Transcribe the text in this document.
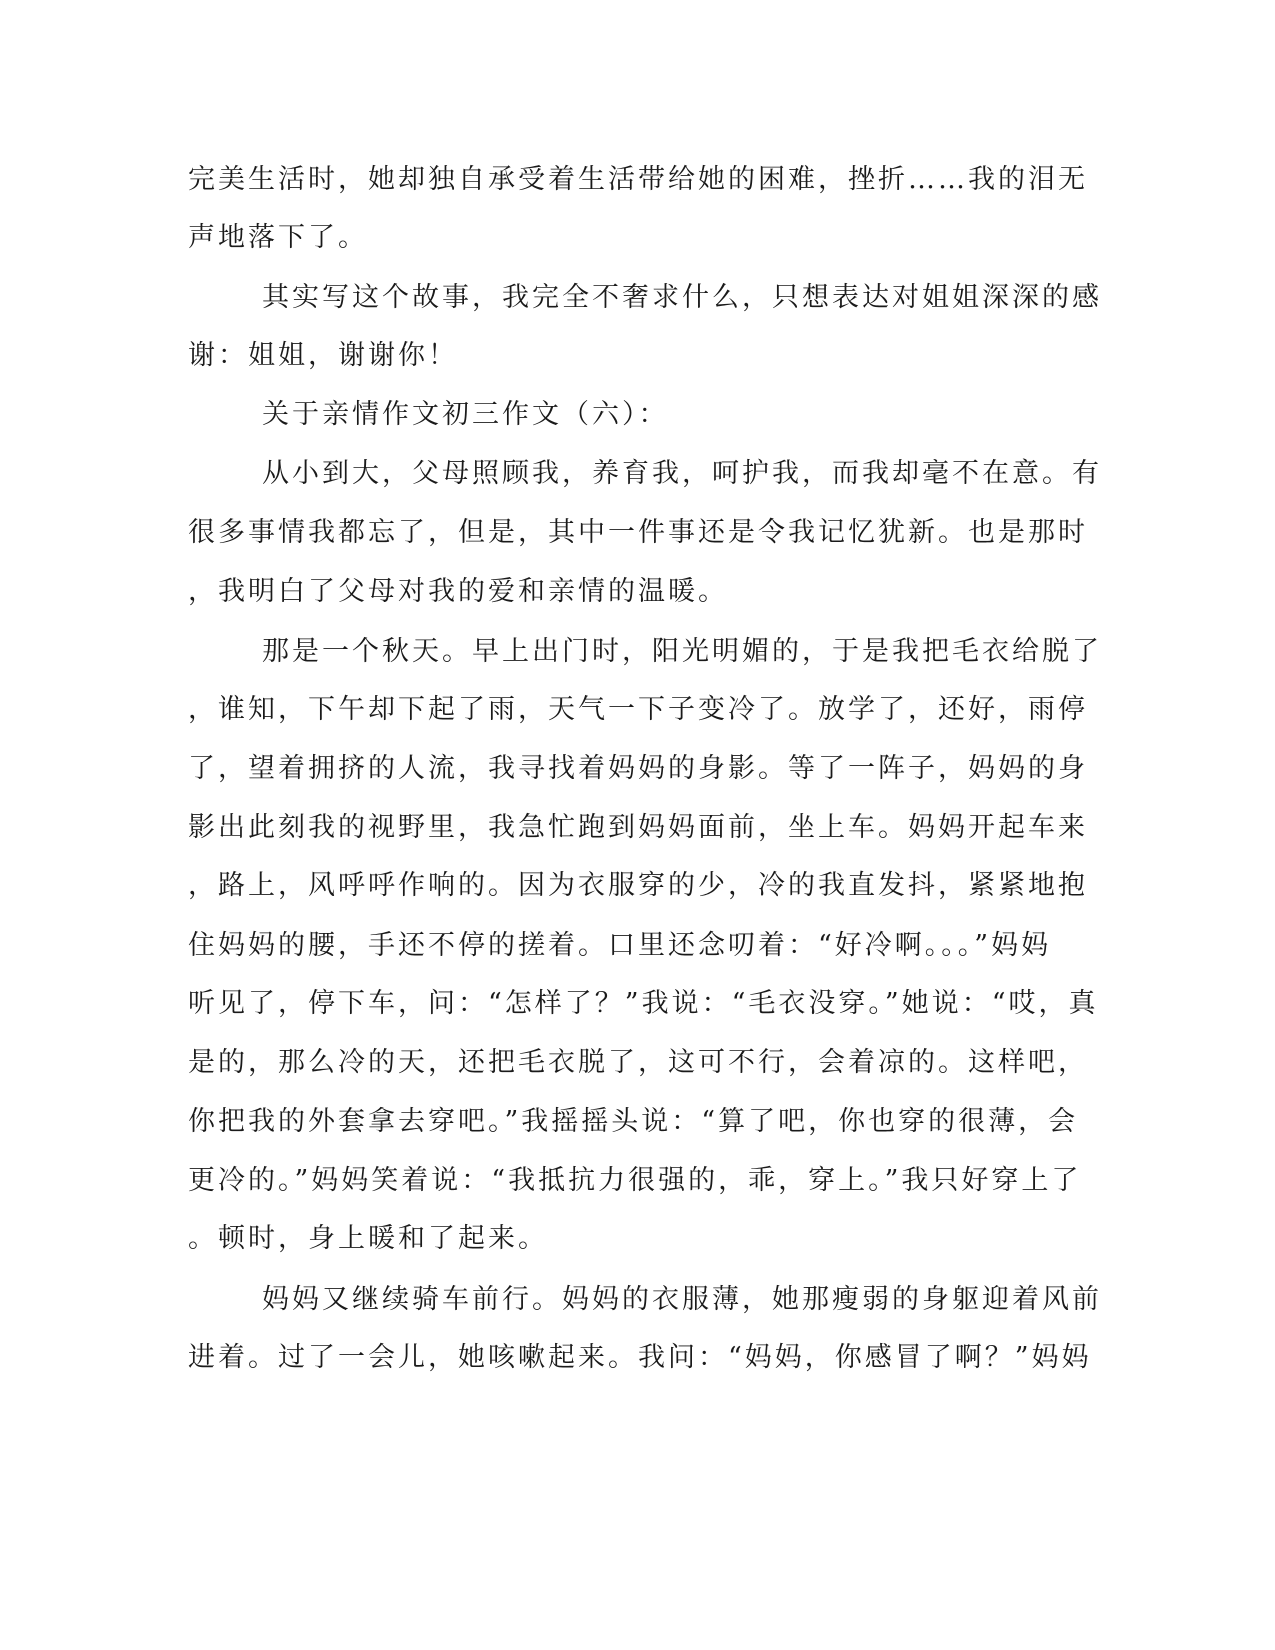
完美生活时，她却独自承受着生活带给她的困难，挫折……我的泪无
声地落下了。
其实写这个故事，我完全不奢求什么，只想表达对姐姐深深的感
谢：姐姐，谢谢你！
关于亲情作文初三作文（六）：
从小到大，父母照顾我，养育我，呵护我，而我却毫不在意。有
很多事情我都忘了，但是，其中一件事还是令我记忆犹新。也是那时
，我明白了父母对我的爱和亲情的温暖。
那是一个秋天。早上出门时，阳光明媚的，于是我把毛衣给脱了
，谁知，下午却下起了雨，天气一下子变冷了。放学了，还好，雨停
了，望着拥挤的人流，我寻找着妈妈的身影。等了一阵子，妈妈的身
影出此刻我的视野里，我急忙跑到妈妈面前，坐上车。妈妈开起车来
，路上，风呼呼作响的。因为衣服穿的少，冷的我直发抖，紧紧地抱
住妈妈的腰，手还不停的搓着。口里还念叨着：“好冷啊。。。”妈妈
听见了，停下车，问：“怎样了？”我说：“毛衣没穿。”她说：“哎，真
是的，那么冷的天，还把毛衣脱了，这可不行，会着凉的。这样吧，
你把我的外套拿去穿吧。”我摇摇头说：“算了吧，你也穿的很薄，会
更冷的。”妈妈笑着说：“我抵抗力很强的，乖，穿上。”我只好穿上了
。顿时，身上暖和了起来。
妈妈又继续骑车前行。妈妈的衣服薄，她那瘦弱的身躯迎着风前
进着。过了一会儿，她咳嗽起来。我问：“妈妈，你感冒了啊？”妈妈
